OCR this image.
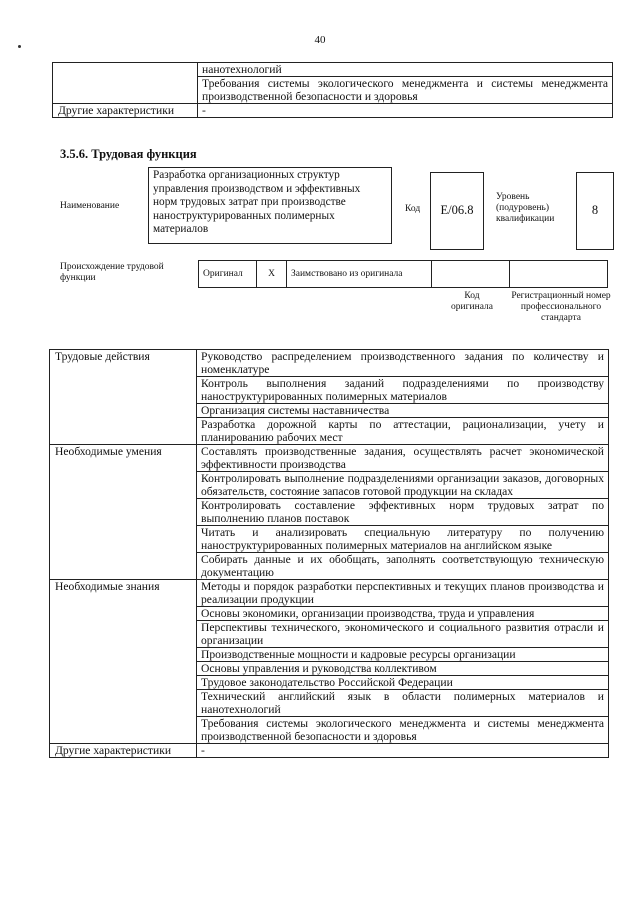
40
	нанотехнологий
	Требования системы экологического менеджмента и системы менеджмента производственной безопасности и здоровья
Другие характеристики	-
3.5.6. Трудовая функция
Наименование
Разработка организационных структур управления производством и эффективных норм трудовых затрат при производстве наноструктурированных полимерных материалов
Код	E/06.8
Уровень (подуровень) квалификации
8
Происхождение трудовой функции	Оригинал	X	Заимствовано из оригинала		
Код оригинала
Регистрационный номер профессионального стандарта
Трудовые действия	Руководство распределением производственного задания по количеству и номенклатуре
	Контроль выполнения заданий подразделениями по производству наноструктурированных полимерных материалов
	Организация системы наставничества
	Разработка дорожной карты по аттестации, рационализации, учету и планированию рабочих мест
Необходимые умения	Составлять производственные задания, осуществлять расчет экономической эффективности производства
	Контролировать выполнение подразделениями организации заказов, договорных обязательств, состояние запасов готовой продукции на складах
	Контролировать составление эффективных норм трудовых затрат по выполнению планов поставок
	Читать и анализировать специальную литературу по получению наноструктурированных полимерных материалов на английском языке
	Собирать данные и их обобщать, заполнять соответствующую техническую документацию
Необходимые знания	Методы и порядок разработки перспективных и текущих планов производства и реализации продукции
	Основы экономики, организации производства, труда и управления
	Перспективы технического, экономического и социального развития отрасли и организации
	Производственные мощности и кадровые ресурсы организации
	Основы управления и руководства коллективом
	Трудовое законодательство Российской Федерации
	Технический английский язык в области полимерных материалов и нанотехнологий
	Требования системы экологического менеджмента и системы менеджмента производственной безопасности и здоровья
Другие характеристики	-
